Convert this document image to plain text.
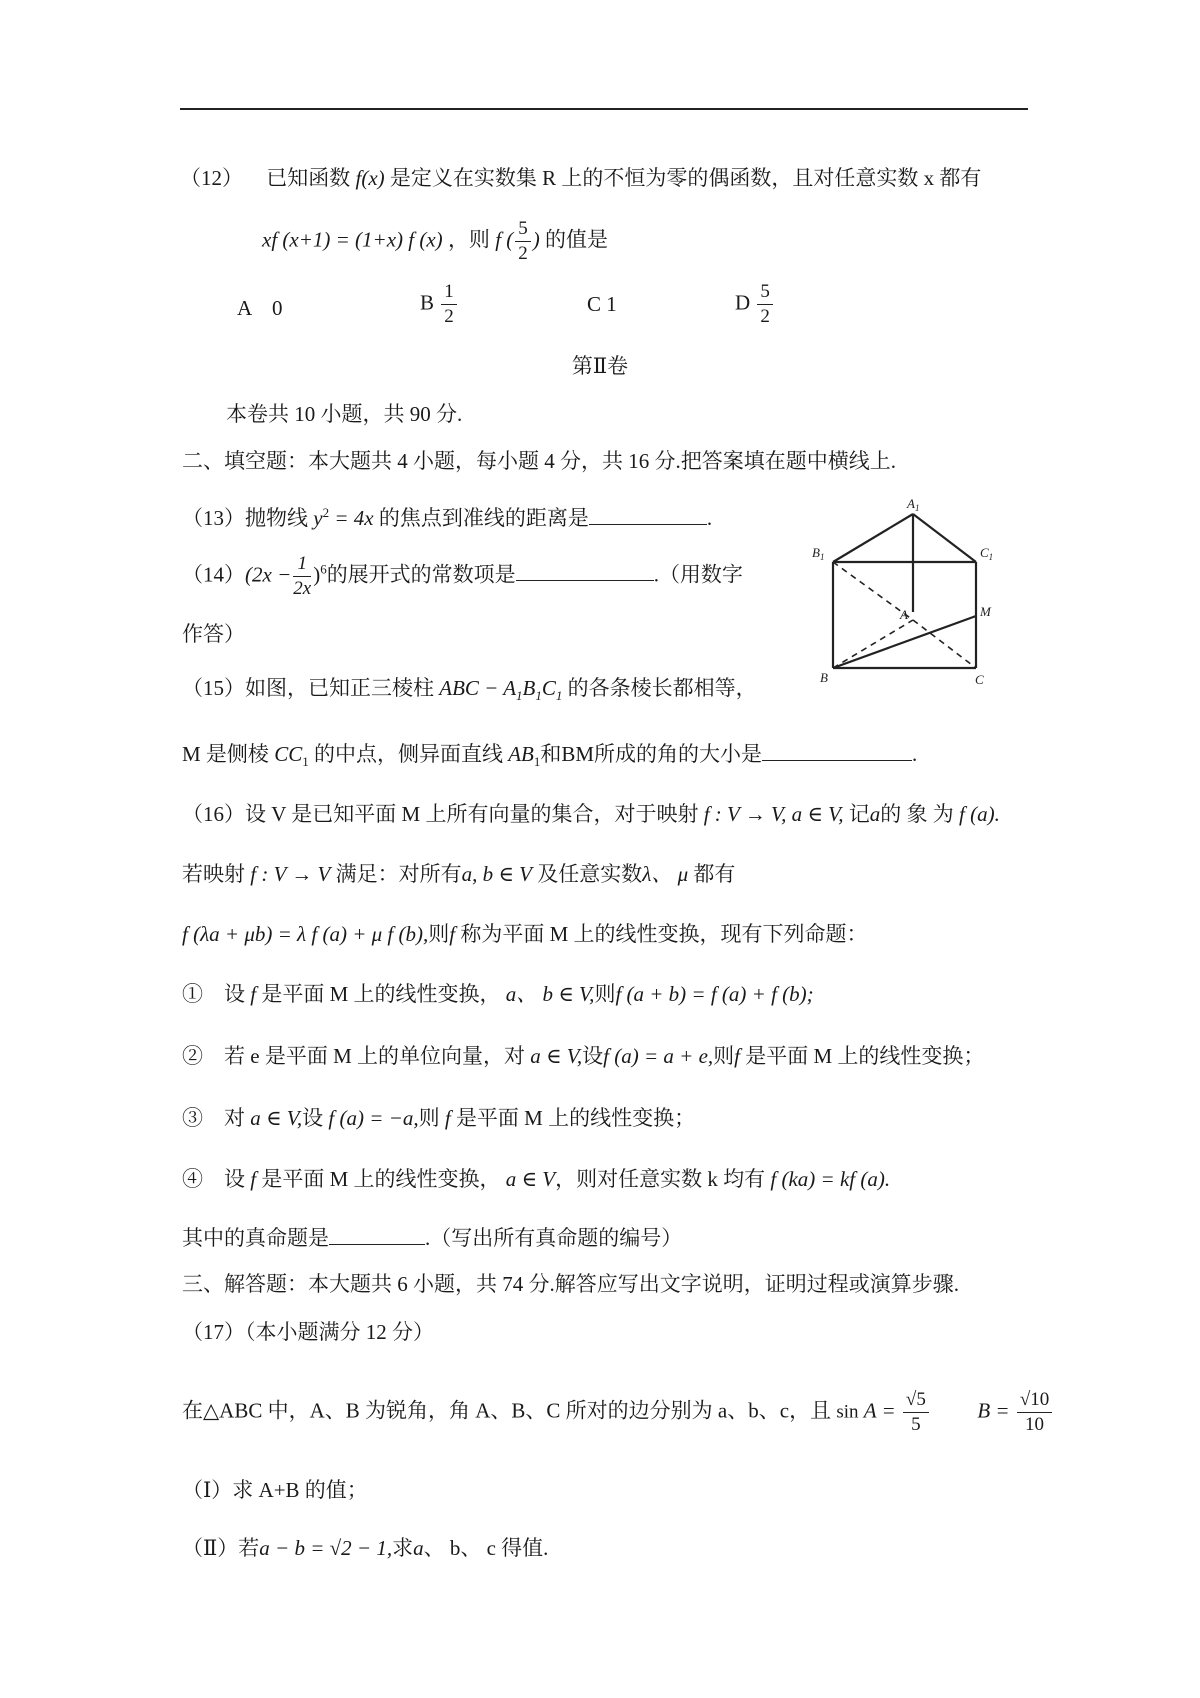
（12） 已知函数 f(x) 是定义在实数集 R 上的不恒为零的偶函数，且对任意实数 x 都有
xf (x+1) = (1+x) f (x) ，则 f ( $\frac{5}{2}$ ) 的值是
A　0	B $\frac{1}{2}$	C 1	D $\frac{5}{2}$
第Ⅱ卷
本卷共 10 小题，共 90 分.
二、填空题：本大题共 4 小题，每小题 4 分，共 16 分.把答案填在题中横线上.
（13）抛物线 $y^2 = 4x$ 的焦点到准线的距离是	.
$(14)(2x - \frac{1}{2x} )^6$的展开式的常数项是	.（用数字
作答）
（15）如图，已知正三棱柱 ABC − $A_1B_1C_1$ 的各条棱长都相等，
M 是侧棱 $CC_1$ 的中点，侧异面直线 $AB_1$和BM所成的角的大小是	.
$A_1$
$B_1$	$C_1$
A
B	C
M
（16）设 V 是已知平面 M 上所有向量的集合，对于映射 f : V → V, a ∈ V, 记a的 象 为 f (a).
若映射 f : V → V 满足：对所有a, b ∈ V 及任意实数λ、 μ 都有
f (λa + μb) = λ f (a) + μ f (b),则f 称为平面 M 上的线性变换，现有下列命题：
①　设 f 是平面 M 上的线性变换， a、 b ∈ V,则f (a + b) = f (a) + f (b);
②　若 e 是平面 M 上的单位向量，对 a ∈ V,设f (a) = a + e,则f 是平面 M 上的线性变换；
③　对 a ∈ V,设 f (a) = −a,则 f 是平面 M 上的线性变换；
④　设 f 是平面 M 上的线性变换， a ∈ V，则对任意实数 k 均有 f (ka) = kf (a).
其中的真命题是	.（写出所有真命题的编号）
三、解答题：本大题共 6 小题，共 74 分.解答应写出文字说明，证明过程或演算步骤.
（17）（本小题满分 12 分）
在△ABC 中，A、B 为锐角，角 A、B、C 所对的边分别为 a、b、c，且 $\sin A = \frac{√5}{5}$ $B = \frac{√10}{10}$
（Ⅰ）求 A+B 的值；
（Ⅱ）若a − b = √2 − 1,求a、 b、 c 得值.
